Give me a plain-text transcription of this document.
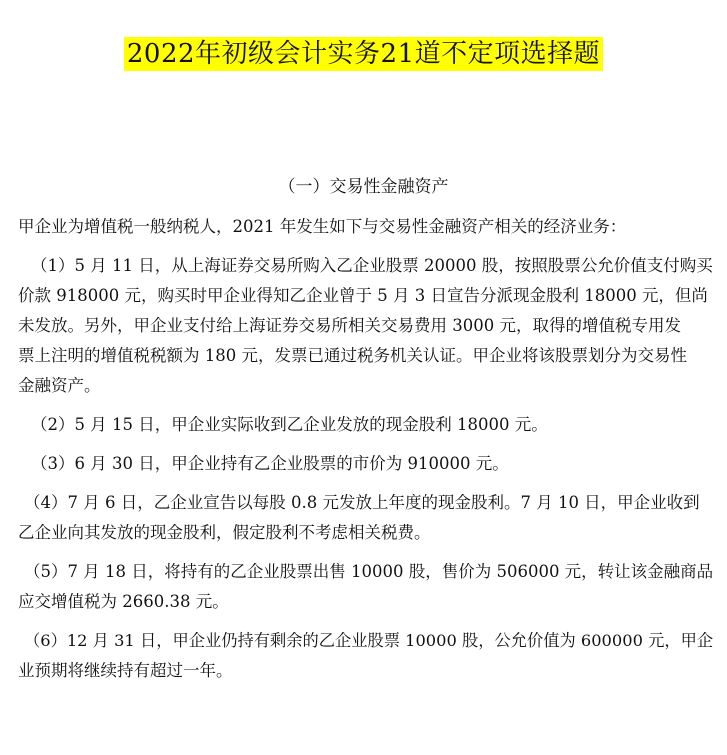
2022年初级会计实务21道不定项选择题
（一）交易性金融资产
甲企业为增值税一般纳税人，2021 年发生如下与交易性金融资产相关的经济业务：
（1）5 月 11 日，从上海证券交易所购入乙企业股票 20000 股，按照股票公允价值支付购买
价款 918000 元，购买时甲企业得知乙企业曾于 5 月 3 日宣告分派现金股利 18000 元，但尚
未发放。另外，甲企业支付给上海证券交易所相关交易费用 3000 元，取得的增值税专用发
票上注明的增值税税额为 180 元，发票已通过税务机关认证。甲企业将该股票划分为交易性
金融资产。
（2）5 月 15 日，甲企业实际收到乙企业发放的现金股利 18000 元。
（3）6 月 30 日，甲企业持有乙企业股票的市价为 910000 元。
（4）7 月 6 日，乙企业宣告以每股 0.8 元发放上年度的现金股利。7 月 10 日，甲企业收到
乙企业向其发放的现金股利，假定股利不考虑相关税费。
（5）7 月 18 日，将持有的乙企业股票出售 10000 股，售价为 506000 元，转让该金融商品
应交增值税为 2660.38 元。
（6）12 月 31 日，甲企业仍持有剩余的乙企业股票 10000 股，公允价值为 600000 元，甲企
业预期将继续持有超过一年。
